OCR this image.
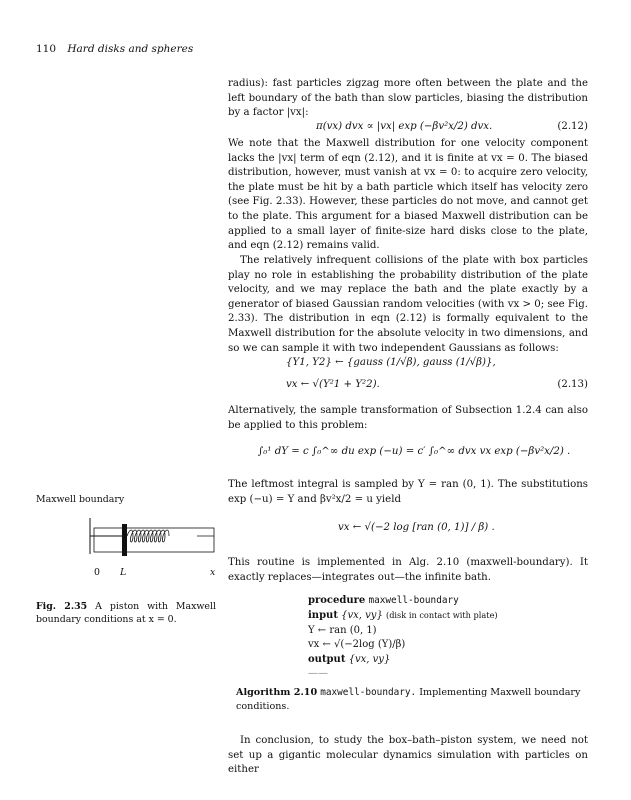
110 Hard disks and spheres

radius): fast particles zigzag more often between the plate and the left boundary of the bath than slow particles, biasing the distribution by a factor |vx|:

π(vx) dvx ∝ |vx| exp (−βv²x/2) dvx.	(2.12)

We note that the Maxwell distribution for one velocity component lacks the |vx| term of eqn (2.12), and it is finite at vx = 0. The biased distribution, however, must vanish at vx = 0: to acquire zero velocity, the plate must be hit by a bath particle which itself has velocity zero (see Fig. 2.33). However, these particles do not move, and cannot get to the plate. This argument for a biased Maxwell distribution can be applied to a small layer of finite-size hard disks close to the plate, and eqn (2.12) remains valid.

The relatively infrequent collisions of the plate with box particles play no role in establishing the probability distribution of the plate velocity, and we may replace the bath and the plate exactly by a generator of biased Gaussian random velocities (with vx > 0; see Fig. 2.33). The distribution in eqn (2.12) is formally equivalent to the Maxwell distribution for the absolute velocity in two dimensions, and so we can sample it with two independent Gaussians as follows:

{Υ1, Υ2} ← {gauss (1/√β), gauss (1/√β)},
vx ← √(Υ²1 + Υ²2).	(2.13)

Alternatively, the sample transformation of Subsection 1.2.4 can also be applied to this problem:

∫₀¹ dΥ = c ∫₀^∞ du exp (−u) = c′ ∫₀^∞ dvx vx exp (−βv²x/2) .

The leftmost integral is sampled by Υ = ran (0, 1). The substitutions exp (−u) = Υ and βv²x/2 = u yield

vx ← √(−2 log [ran (0, 1)] / β) .

This routine is implemented in Alg. 2.10 (maxwell-boundary). It exactly replaces—integrates out—the infinite bath.

Maxwell boundary
0 L	x
Fig. 2.35 A piston with Maxwell boundary conditions at x = 0.
procedure maxwell-boundary
input {vx, vy} (disk in contact with plate)
Υ ← ran (0, 1)
vx ← √(−2log (Υ)/β)
output {vx, vy}
——
Algorithm 2.10 maxwell-boundary. Implementing Maxwell boundary conditions.

In conclusion, to study the box–bath–piston system, we need not set up a gigantic molecular dynamics simulation with particles on either
